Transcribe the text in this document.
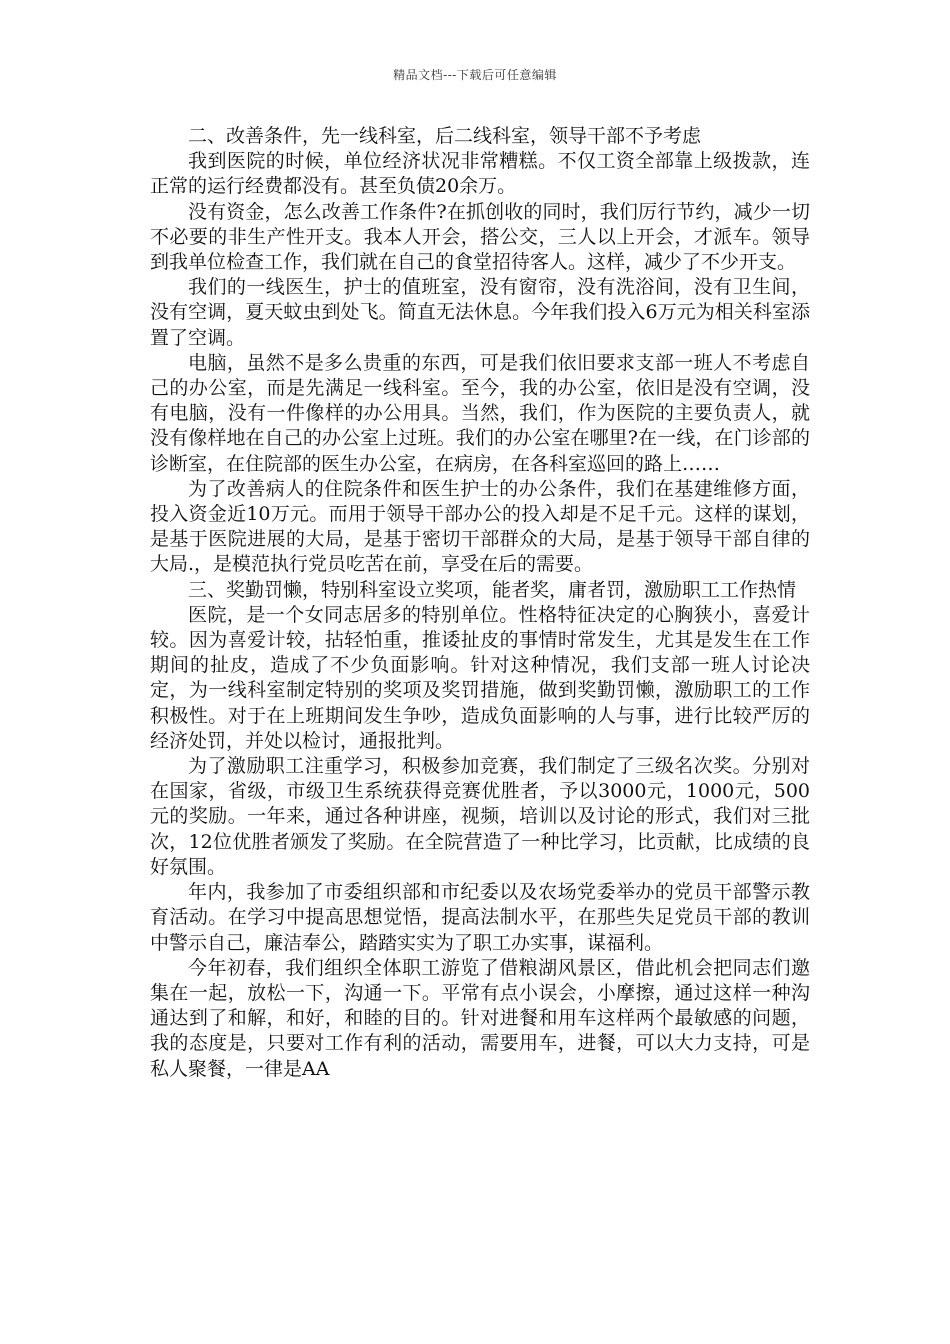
精品文档---下载后可任意编辑

二、改善条件，先一线科室，后二线科室，领导干部不予考虑

我到医院的时候，单位经济状况非常糟糕。不仅工资全部靠上级拨款，连正常的运行经费都没有。甚至负债20余万。

没有资金，怎么改善工作条件?在抓创收的同时，我们厉行节约，减少一切不必要的非生产性开支。我本人开会，搭公交，三人以上开会，才派车。领导到我单位检查工作，我们就在自己的食堂招待客人。这样，减少了不少开支。

我们的一线医生，护士的值班室，没有窗帘，没有洗浴间，没有卫生间，没有空调，夏天蚊虫到处飞。简直无法休息。今年我们投入6万元为相关科室添置了空调。

电脑，虽然不是多么贵重的东西，可是我们依旧要求支部一班人不考虑自己的办公室，而是先满足一线科室。至今，我的办公室，依旧是没有空调，没有电脑，没有一件像样的办公用具。当然，我们，作为医院的主要负责人，就没有像样地在自己的办公室上过班。我们的办公室在哪里?在一线，在门诊部的诊断室，在住院部的医生办公室，在病房，在各科室巡回的路上……

为了改善病人的住院条件和医生护士的办公条件，我们在基建维修方面，投入资金近10万元。而用于领导干部办公的投入却是不足千元。这样的谋划，是基于医院进展的大局，是基于密切干部群众的大局，是基于领导干部自律的大局.，是模范执行党员吃苦在前，享受在后的需要。

三、奖勤罚懒，特别科室设立奖项，能者奖，庸者罚，激励职工工作热情

医院，是一个女同志居多的特别单位。性格特征决定的心胸狭小，喜爱计较。因为喜爱计较，拈轻怕重，推诿扯皮的事情时常发生，尤其是发生在工作期间的扯皮，造成了不少负面影响。针对这种情况，我们支部一班人讨论决定，为一线科室制定特别的奖项及奖罚措施，做到奖勤罚懒，激励职工的工作积极性。对于在上班期间发生争吵，造成负面影响的人与事，进行比较严厉的经济处罚，并处以检讨，通报批判。

为了激励职工注重学习，积极参加竞赛，我们制定了三级名次奖。分别对在国家，省级，市级卫生系统获得竞赛优胜者，予以3000元，1000元，500元的奖励。一年来，通过各种讲座，视频，培训以及讨论的形式，我们对三批次，12位优胜者颁发了奖励。在全院营造了一种比学习，比贡献，比成绩的良好氛围。

年内，我参加了市委组织部和市纪委以及农场党委举办的党员干部警示教育活动。在学习中提高思想觉悟，提高法制水平，在那些失足党员干部的教训中警示自己，廉洁奉公，踏踏实实为了职工办实事，谋福利。

今年初春，我们组织全体职工游览了借粮湖风景区，借此机会把同志们邀集在一起，放松一下，沟通一下。平常有点小误会，小摩擦，通过这样一种沟通达到了和解，和好，和睦的目的。针对进餐和用车这样两个最敏感的问题，我的态度是，只要对工作有利的活动，需要用车，进餐，可以大力支持，可是私人聚餐，一律是AA
